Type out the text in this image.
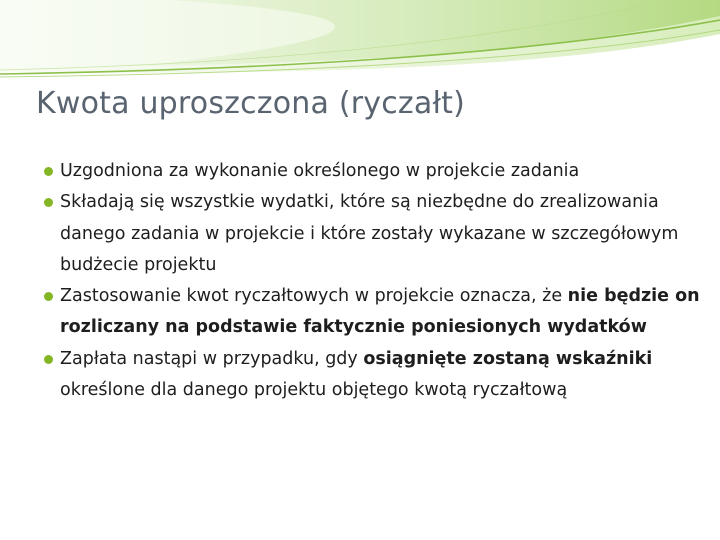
Kwota uproszczona (ryczałt)
Uzgodniona za wykonanie określonego w projekcie zadania
Składają się wszystkie wydatki, które są niezbędne do zrealizowania danego zadania w projekcie i które zostały wykazane w szczegółowym budżecie projektu
Zastosowanie kwot ryczałtowych w projekcie oznacza, że nie będzie on rozliczany na podstawie faktycznie poniesionych wydatków
Zapłata nastąpi w przypadku, gdy osiągnięte zostaną wskaźniki określone dla danego projektu objętego kwotą ryczałtową
